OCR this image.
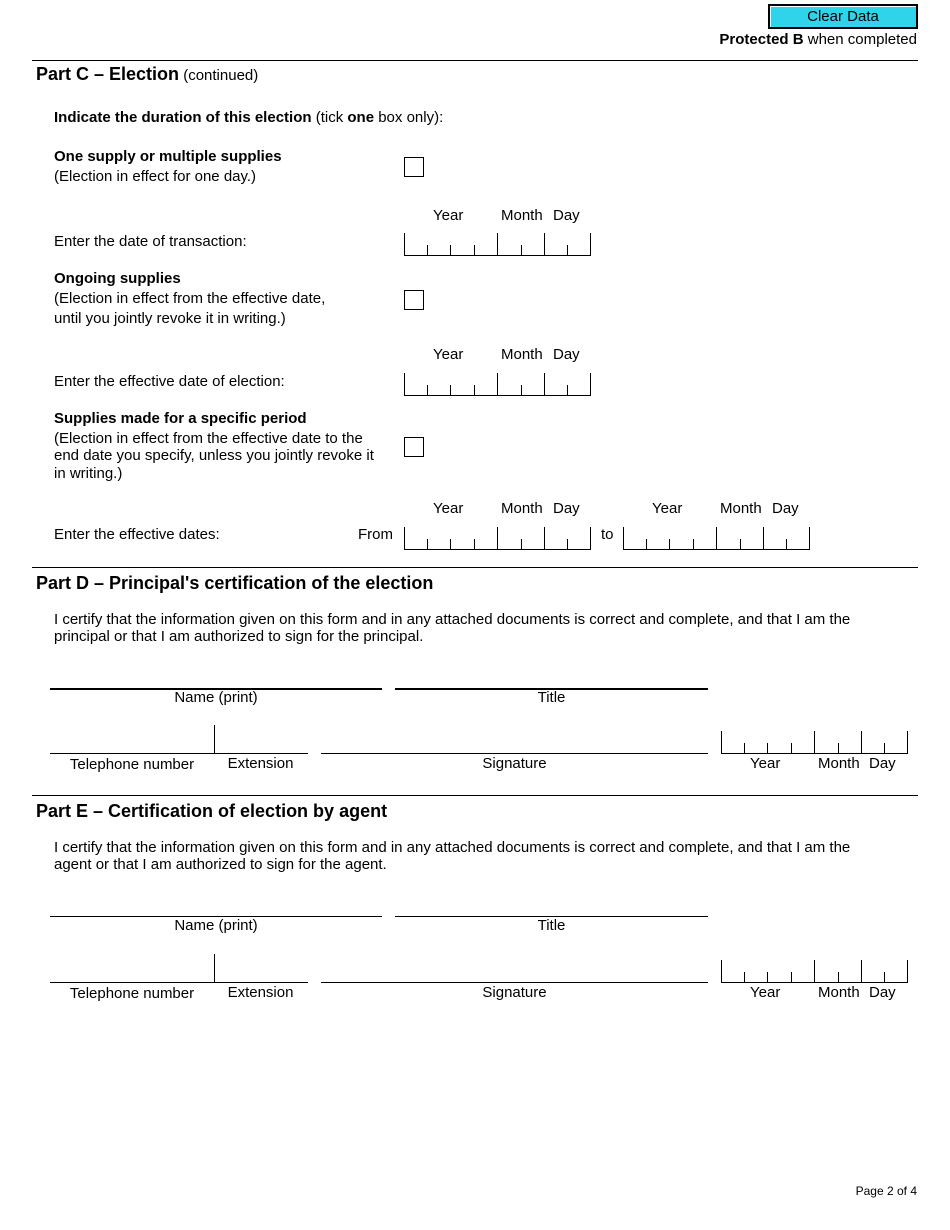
Clear Data
Protected B when completed
Part C – Election (continued)
Indicate the duration of this election (tick one box only):
One supply or multiple supplies
(Election in effect for one day.)
Year	Month Day
Enter the date of transaction:
Ongoing supplies
(Election in effect from the effective date,
until you jointly revoke it in writing.)
Year	Month Day
Enter the effective date of election:
Supplies made for a specific period
(Election in effect from the effective date to the
end date you specify, unless you jointly revoke it
in writing.)
Year	Month Day	Year	Month Day
Enter the effective dates:	From	to
Part D – Principal's certification of the election
I certify that the information given on this form and in any attached documents is correct and complete, and that I am the
principal or that I am authorized to sign for the principal.
Name (print)	Title
Telephone number	Extension	Signature	Year	Month Day
Part E – Certification of election by agent
I certify that the information given on this form and in any attached documents is correct and complete, and that I am the
agent or that I am authorized to sign for the agent.
Name (print)	Title
Telephone number	Extension	Signature	Year	Month Day
Page 2 of 4
